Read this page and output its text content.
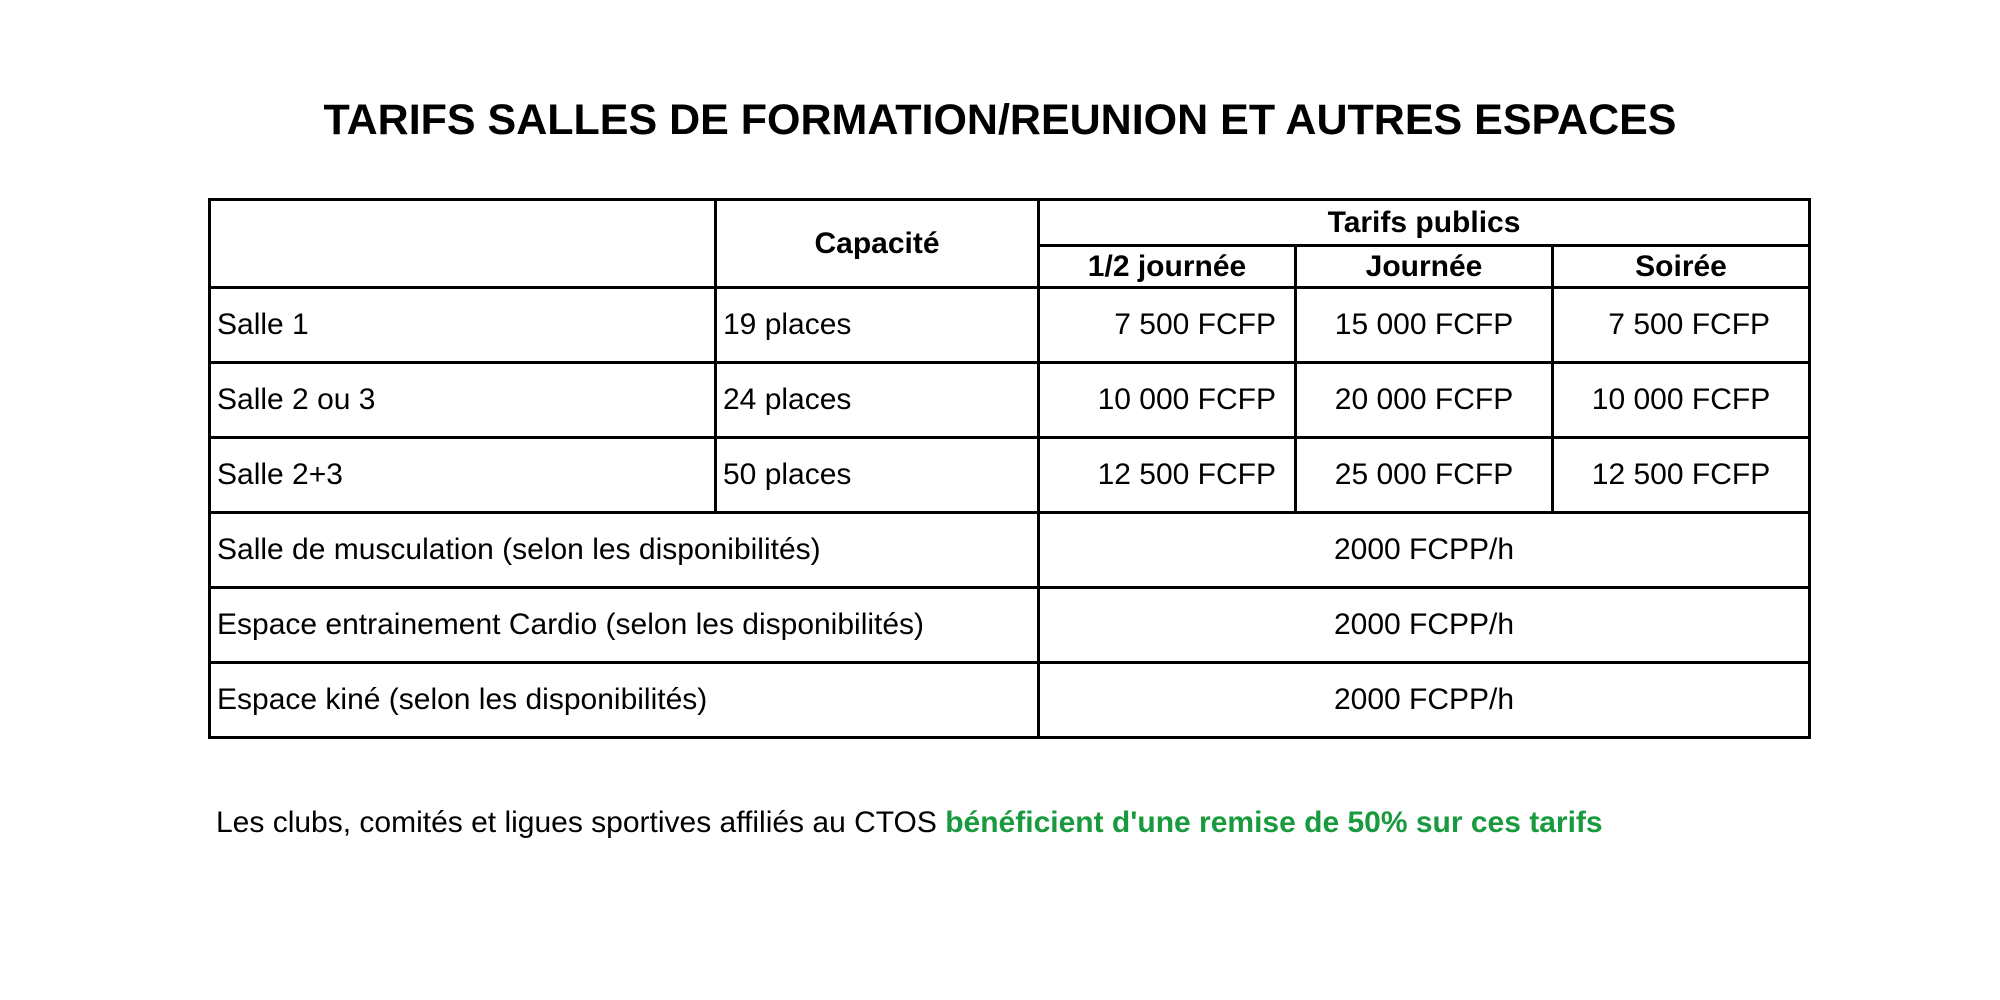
TARIFS SALLES DE FORMATION/REUNION ET AUTRES ESPACES
	Capacité	Tarifs publics		
		1/2 journée	Journée	Soirée
Salle 1	19 places	7 500 FCFP	15 000 FCFP	7 500 FCFP
Salle 2 ou 3	24 places	10 000 FCFP	20 000 FCFP	10 000 FCFP
Salle 2+3	50 places	12 500 FCFP	25 000 FCFP	12 500 FCFP
Salle de musculation (selon les disponibilités)		2000 FCPP/h		
Espace entrainement Cardio (selon les disponibilités)		2000 FCPP/h		
Espace kiné (selon les disponibilités)		2000 FCPP/h		

Les clubs, comités et ligues sportives affiliés au CTOS bénéficient d'une remise de 50% sur ces tarifs
